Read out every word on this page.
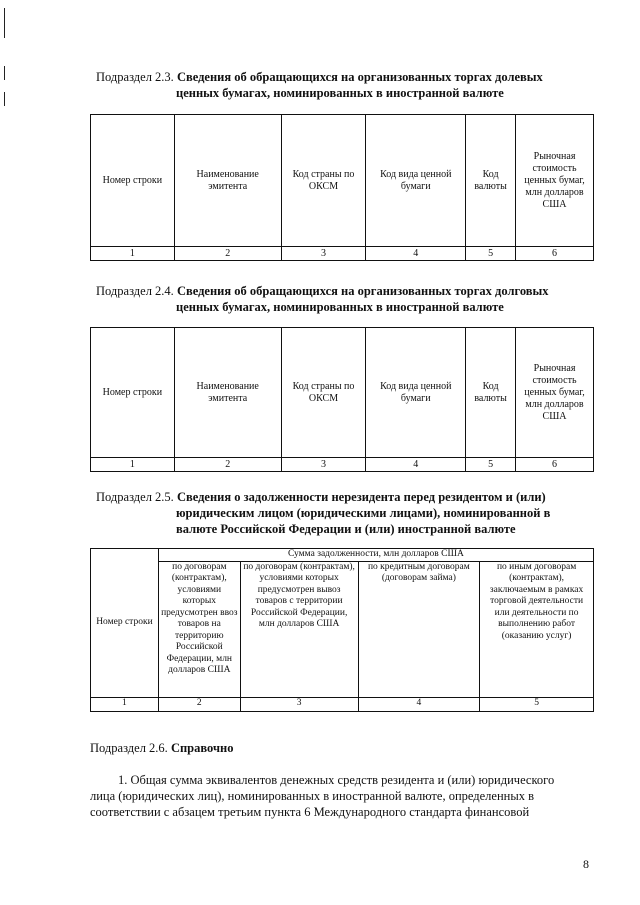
Подраздел 2.3. Сведения об обращающихся на организованных торгах долевых
ценных бумагах, номинированных в иностранной валюте
Номер строки	Наименование эмитента	Код страны по ОКСМ	Код вида ценной бумаги	Код валюты	Рыночная стоимость ценных бумаг, млн долларов США
1	2	3	4	5	6
Подраздел 2.4. Сведения об обращающихся на организованных торгах долговых
ценных бумагах, номинированных в иностранной валюте
Номер строки	Наименование эмитента	Код страны по ОКСМ	Код вида ценной бумаги	Код валюты	Рыночная стоимость ценных бумаг, млн долларов США
1	2	3	4	5	6
Подраздел 2.5. Сведения о задолженности нерезидента перед резидентом и (или)
юридическим лицом (юридическими лицами), номинированной в
валюте Российской Федерации и (или) иностранной валюте
Номер строки	Сумма задолженности, млн долларов США			
	по договорам (контрактам), условиями которых предусмотрен ввоз товаров на территорию Российской Федерации, млн долларов США	по договорам (контрактам), условиями которых предусмотрен вывоз товаров с территории Российской Федерации, млн долларов США	по кредитным договорам (договорам займа)	по иным договорам (контрактам), заключаемым в рамках торговой деятельности или деятельности по выполнению работ (оказанию услуг)
1	2	3	4	5
Подраздел 2.6. Справочно
1. Общая сумма эквивалентов денежных средств резидента и (или) юридического
лица (юридических лиц), номинированных в иностранной валюте, определенных в
соответствии с абзацем третьим пункта 6 Международного стандарта финансовой
8
